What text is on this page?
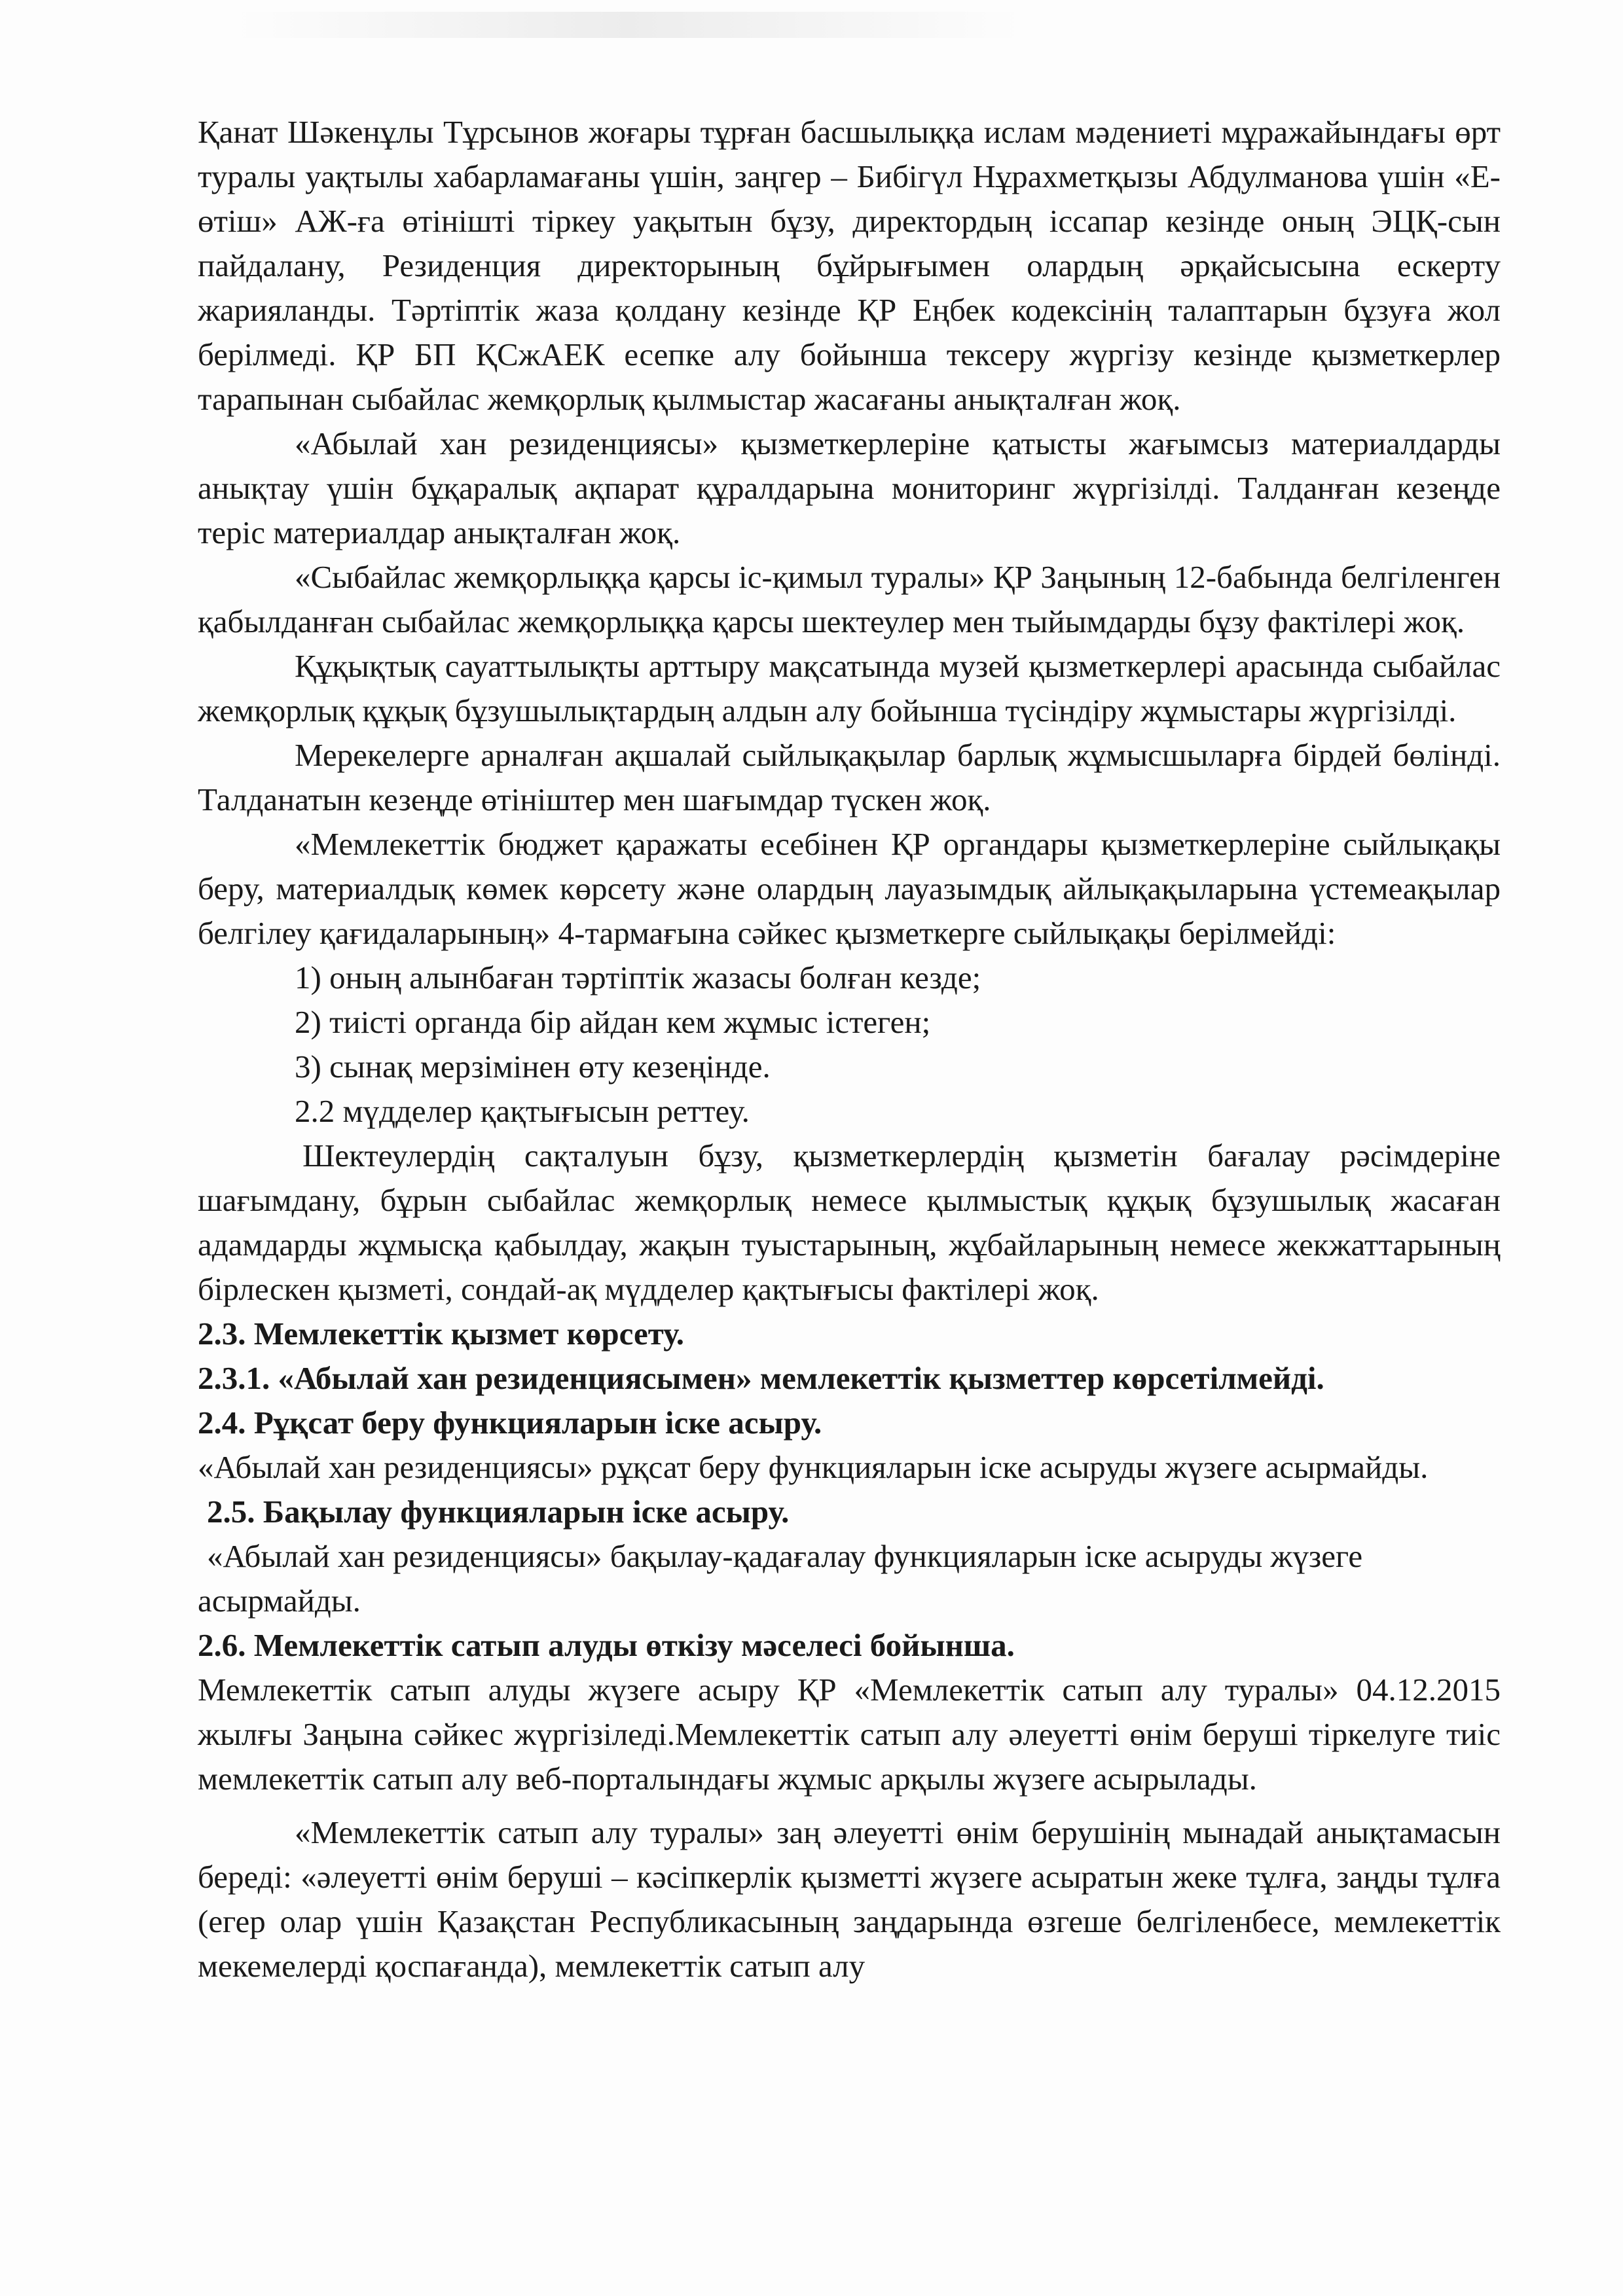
Қанат Шәкенұлы Тұрсынов жоғары тұрған басшылыққа ислам мәдениеті мұражайындағы өрт туралы уақтылы хабарламағаны үшін, заңгер – Бибігүл Нұрахметқызы Абдулманова үшін «Е-өтіш» АЖ-ға өтінішті тіркеу уақытын бұзу, директордың іссапар кезінде оның ЭЦҚ-сын пайдалану, Резиденция директорының бұйрығымен олардың әрқайсысына ескерту жарияланды. Тәртіптік жаза қолдану кезінде ҚР Еңбек кодексінің талаптарын бұзуға жол берілмеді. ҚР БП ҚСжАЕК есепке алу бойынша тексеру жүргізу кезінде қызметкерлер тарапынан сыбайлас жемқорлық қылмыстар жасағаны анықталған жоқ.

«Абылай хан резиденциясы» қызметкерлеріне қатысты жағымсыз материалдарды анықтау үшін бұқаралық ақпарат құралдарына мониторинг жүргізілді. Талданған кезеңде теріс материалдар анықталған жоқ.

«Сыбайлас жемқорлыққа қарсы іс-қимыл туралы» ҚР Заңының 12-бабында белгіленген қабылданған сыбайлас жемқорлыққа қарсы шектеулер мен тыйымдарды бұзу фактілері жоқ.

Құқықтық сауаттылықты арттыру мақсатында музей қызметкерлері арасында сыбайлас жемқорлық құқық бұзушылықтардың алдын алу бойынша түсіндіру жұмыстары жүргізілді.

Мерекелерге арналған ақшалай сыйлықақылар барлық жұмысшыларға бірдей бөлінді. Талданатын кезеңде өтініштер мен шағымдар түскен жоқ.

«Мемлекеттік бюджет қаражаты есебінен ҚР органдары қызметкерлеріне сыйлықақы беру, материалдық көмек көрсету және олардың лауазымдық айлықақыларына үстемеақылар белгілеу қағидаларының» 4-тармағына сәйкес қызметкерге сыйлықақы берілмейді:

1) оның алынбаған тәртіптік жазасы болған кезде;

2) тиісті органда бір айдан кем жұмыс істеген;

3) сынақ мерзімінен өту кезеңінде.

2.2 мүдделер қақтығысын реттеу.

Шектеулердің сақталуын бұзу, қызметкерлердің қызметін бағалау рәсімдеріне шағымдану, бұрын сыбайлас жемқорлық немесе қылмыстық құқық бұзушылық жасаған адамдарды жұмысқа қабылдау, жақын туыстарының, жұбайларының немесе жекжаттарының бірлескен қызметі, сондай-ақ мүдделер қақтығысы фактілері жоқ.

2.3. Мемлекеттік қызмет көрсету.

2.3.1. «Абылай хан резиденциясымен» мемлекеттік қызметтер көрсетілмейді.

2.4. Рұқсат беру функцияларын іске асыру.

«Абылай хан резиденциясы» рұқсат беру функцияларын іске асыруды жүзеге асырмайды.

2.5. Бақылау функцияларын іске асыру.

«Абылай хан резиденциясы» бақылау-қадағалау функцияларын іске асыруды жүзеге асырмайды.

2.6. Мемлекеттік сатып алуды өткізу мәселесі бойынша.

Мемлекеттік сатып алуды жүзеге асыру ҚР «Мемлекеттік сатып алу туралы» 04.12.2015 жылғы Заңына сәйкес жүргізіледі.Мемлекеттік сатып алу әлеуетті өнім беруші тіркелуге тиіс мемлекеттік сатып алу веб-порталындағы жұмыс арқылы жүзеге асырылады.

«Мемлекеттік сатып алу туралы» заң әлеуетті өнім берушінің мынадай анықтамасын береді: «әлеуетті өнім беруші – кәсіпкерлік қызметті жүзеге асыратын жеке тұлға, заңды тұлға (егер олар үшін Қазақстан Республикасының заңдарында өзгеше белгіленбесе, мемлекеттік мекемелерді қоспағанда), мемлекеттік сатып алу
